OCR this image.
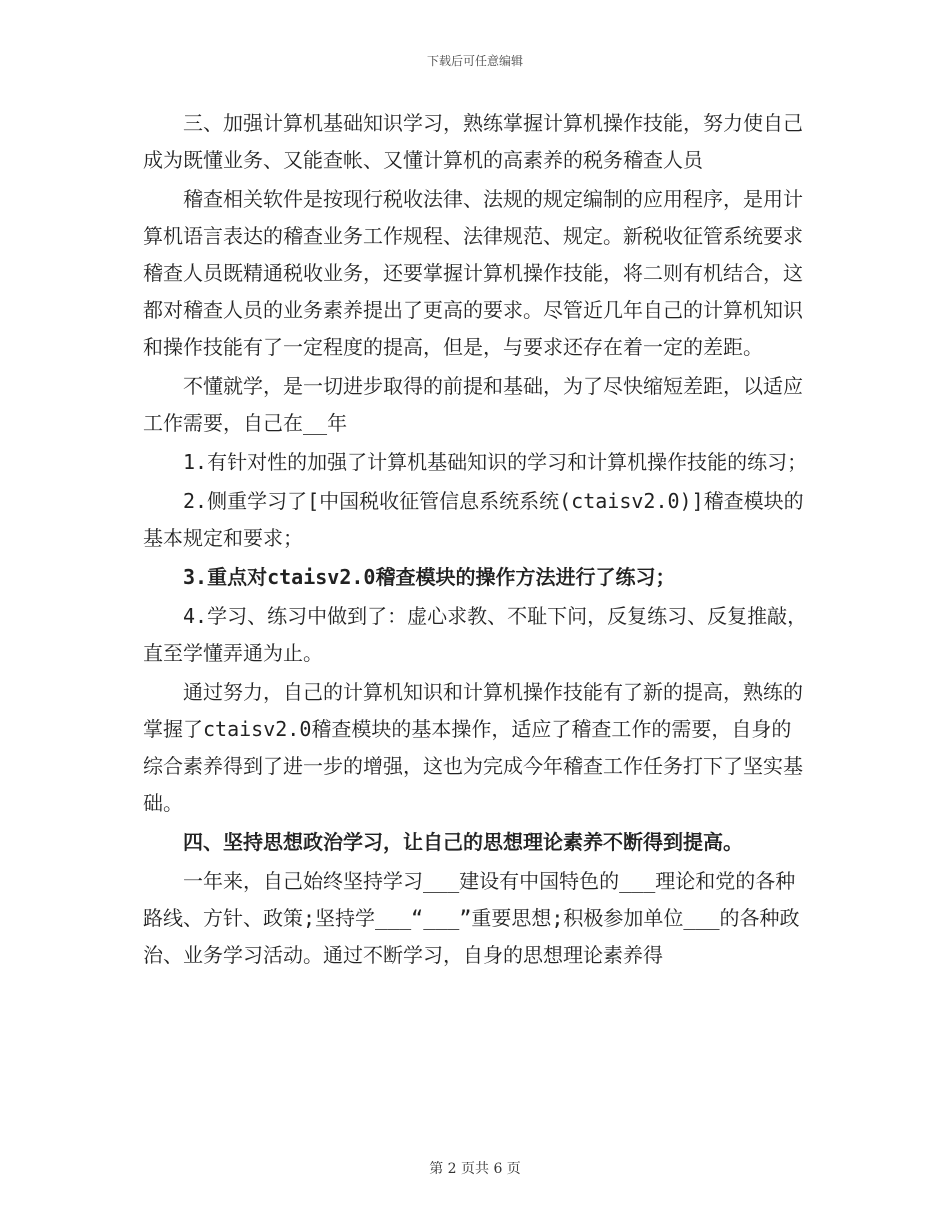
下载后可任意编辑

三、加强计算机基础知识学习，熟练掌握计算机操作技能，努力使自己成为既懂业务、又能查帐、又懂计算机的高素养的税务稽查人员

稽查相关软件是按现行税收法律、法规的规定编制的应用程序，是用计算机语言表达的稽查业务工作规程、法律规范、规定。新税收征管系统要求稽查人员既精通税收业务，还要掌握计算机操作技能，将二则有机结合，这都对稽查人员的业务素养提出了更高的要求。尽管近几年自己的计算机知识和操作技能有了一定程度的提高，但是，与要求还存在着一定的差距。

不懂就学，是一切进步取得的前提和基础，为了尽快缩短差距，以适应工作需要，自己在__年

1.有针对性的加强了计算机基础知识的学习和计算机操作技能的练习；

2.侧重学习了[中国税收征管信息系统系统(ctaisv2.0)]稽查模块的基本规定和要求；

3.重点对ctaisv2.0稽查模块的操作方法进行了练习；

4.学习、练习中做到了：虚心求教、不耻下问，反复练习、反复推敲，直至学懂弄通为止。

通过努力，自己的计算机知识和计算机操作技能有了新的提高，熟练的掌握了ctaisv2.0稽查模块的基本操作，适应了稽查工作的需要，自身的综合素养得到了进一步的增强，这也为完成今年稽查工作任务打下了坚实基础。

四、坚持思想政治学习，让自己的思想理论素养不断得到提高。

一年来，自己始终坚持学习___建设有中国特色的___理论和党的各种路线、方针、政策;坚持学___“___”重要思想;积极参加单位___的各种政治、业务学习活动。通过不断学习，自身的思想理论素养得

第 2 页共 6 页
